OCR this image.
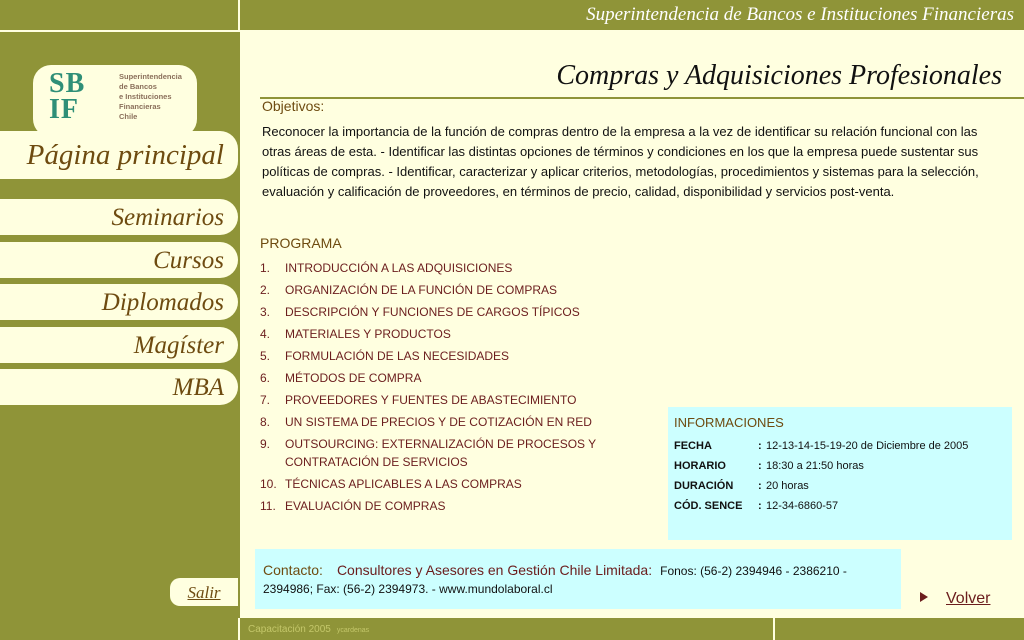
Superintendencia de Bancos e Instituciones Financieras
SB
IF
Superintendencia
de Bancos
e Instituciones
Financieras
Chile
Página principal
Seminarios
Cursos
Diplomados
Magíster
MBA
Salir
Capacitación 2005 ycardenas
Compras y Adquisiciones Profesionales
Objetivos:
Reconocer la importancia de la función de compras dentro de la empresa a la vez de identificar su relación funcional con las otras áreas de esta. - Identificar las distintas opciones de términos y condiciones en los que la empresa puede sustentar sus políticas de compras. - Identificar, caracterizar y aplicar criterios, metodologías, procedimientos y sistemas para la selección, evaluación y calificación de proveedores, en términos de precio, calidad, disponibilidad y servicios post-venta.
PROGRAMA
1.	INTRODUCCIÓN A LAS ADQUISICIONES
2.	ORGANIZACIÓN DE LA FUNCIÓN DE COMPRAS
3.	DESCRIPCIÓN Y FUNCIONES DE CARGOS TÍPICOS
4.	MATERIALES Y PRODUCTOS
5.	FORMULACIÓN DE LAS NECESIDADES
6.	MÉTODOS DE COMPRA
7.	PROVEEDORES Y FUENTES DE ABASTECIMIENTO
8.	UN SISTEMA DE PRECIOS Y DE COTIZACIÓN EN RED
9.	OUTSOURCING: EXTERNALIZACIÓN DE PROCESOS Y CONTRATACIÓN DE SERVICIOS
10. TÉCNICAS APLICABLES A LAS COMPRAS
11. EVALUACIÓN DE COMPRAS
INFORMACIONES
FECHA	: 12-13-14-15-19-20 de Diciembre de 2005
HORARIO	: 18:30 a 21:50 horas
DURACIÓN	: 20 horas
CÓD. SENCE	: 12-34-6860-57
Contacto: Consultores y Asesores en Gestión Chile Limitada: Fonos: (56-2) 2394946 - 2386210 - 2394986; Fax: (56-2) 2394973. - www.mundolaboral.cl
Volver
